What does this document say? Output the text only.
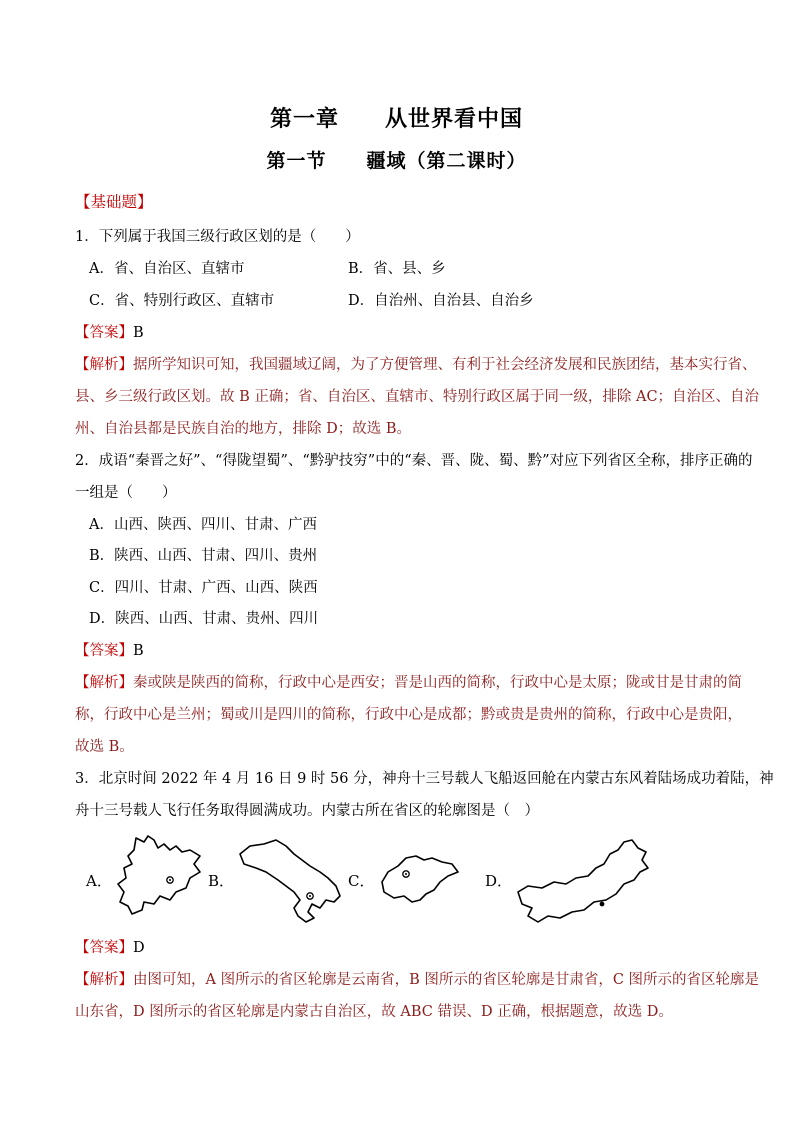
第一章　　从世界看中国
第一节　　疆域（第二课时）
【基础题】
1．下列属于我国三级行政区划的是（　　）
A．省、自治区、直辖市	B．省、县、乡
C．省、特别行政区、直辖市	D．自治州、自治县、自治乡
【答案】B
【解析】据所学知识可知，我国疆域辽阔，为了方便管理、有利于社会经济发展和民族团结，基本实行省、
县、乡三级行政区划。故 B 正确；省、自治区、直辖市、特别行政区属于同一级，排除 AC；自治区、自治
州、自治县都是民族自治的地方，排除 D；故选 B。
2．成语“秦晋之好”、“得陇望蜀”、“黔驴技穷”中的“秦、晋、陇、蜀、黔”对应下列省区全称，排序正确的
一组是（　　）
A．山西、陕西、四川、甘肃、广西
B．陕西、山西、甘肃、四川、贵州
C．四川、甘肃、广西、山西、陕西
D．陕西、山西、甘肃、贵州、四川
【答案】B
【解析】秦或陕是陕西的简称，行政中心是西安；晋是山西的简称，行政中心是太原；陇或甘是甘肃的简
称，行政中心是兰州；蜀或川是四川的简称，行政中心是成都；黔或贵是贵州的简称，行政中心是贵阳，
故选 B。
3．北京时间 2022 年 4 月 16 日 9 时 56 分，神舟十三号载人飞船返回舱在内蒙古东风着陆场成功着陆，神
舟十三号载人飞行任务取得圆满成功。内蒙古所在省区的轮廓图是（　）
A．	B．	C．	D．
【答案】D
【解析】由图可知，A 图所示的省区轮廓是云南省，B 图所示的省区轮廓是甘肃省，C 图所示的省区轮廓是
山东省，D 图所示的省区轮廓是内蒙古自治区，故 ABC 错误、D 正确，根据题意，故选 D。
